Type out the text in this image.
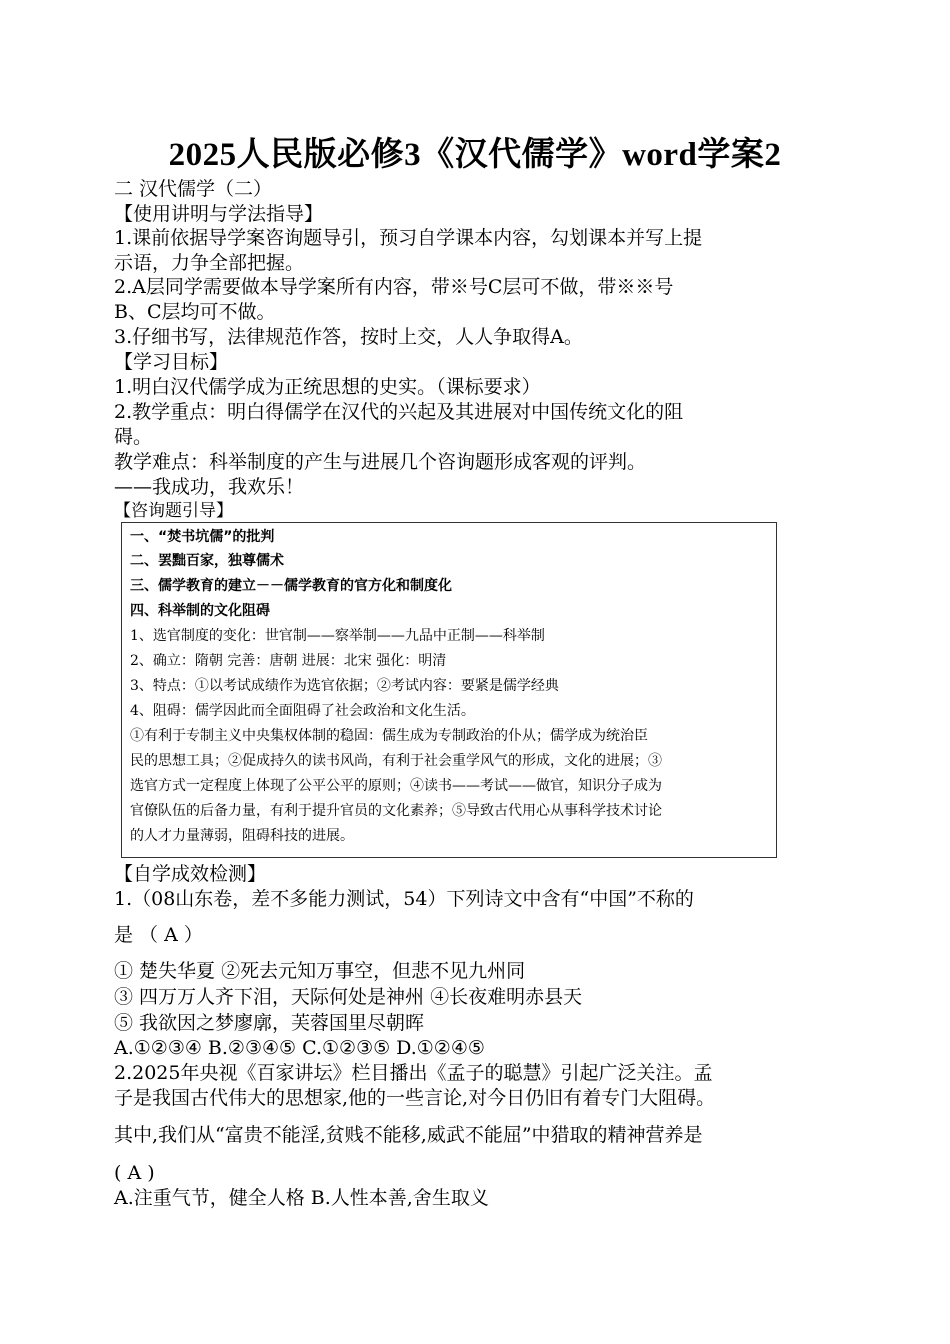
2025人民版必修3《汉代儒学》word学案2
二 汉代儒学（二）
【使用讲明与学法指导】
1.课前依据导学案咨询题导引，预习自学课本内容，勾划课本并写上提
示语，力争全部把握。
2.A层同学需要做本导学案所有内容，带※号C层可不做，带※※号
B、C层均可不做。
3.仔细书写，法律规范作答，按时上交，人人争取得A。
【学习目标】
1.明白汉代儒学成为正统思想的史实。（课标要求）
2.教学重点：明白得儒学在汉代的兴起及其进展对中国传统文化的阻
碍。
教学难点：科举制度的产生与进展几个咨询题形成客观的评判。
——我成功，我欢乐！
【咨询题引导】
一、“焚书坑儒”的批判
二、罢黜百家，独尊儒术
三、儒学教育的建立－－儒学教育的官方化和制度化
四、科举制的文化阻碍
1、选官制度的变化：世官制——察举制——九品中正制——科举制
2、确立：隋朝 完善：唐朝 进展：北宋 强化：明清
3、特点：①以考试成绩作为选官依据；②考试内容：要紧是儒学经典
4、阻碍：儒学因此而全面阻碍了社会政治和文化生活。
①有利于专制主义中央集权体制的稳固：儒生成为专制政治的仆从；儒学成为统治臣
民的思想工具；②促成持久的读书风尚，有利于社会重学风气的形成，文化的进展；③
选官方式一定程度上体现了公平公平的原则；④读书——考试——做官，知识分子成为
官僚队伍的后备力量，有利于提升官员的文化素养；⑤导致古代用心从事科学技术讨论
的人才力量薄弱，阻碍科技的进展。
【自学成效检测】
1.（08山东卷，差不多能力测试，54）下列诗文中含有“中国”不称的
是 （ A ）
① 楚失华夏 ②死去元知万事空，但悲不见九州同
③ 四万万人齐下泪，天际何处是神州 ④长夜难明赤县天
⑤ 我欲因之梦廖廓，芙蓉国里尽朝晖
A.①②③④ B.②③④⑤ C.①②③⑤ D.①②④⑤
2.2025年央视《百家讲坛》栏目播出《孟子的聪慧》引起广泛关注。孟
子是我国古代伟大的思想家,他的一些言论,对今日仍旧有着专门大阻碍。
其中,我们从“富贵不能淫,贫贱不能移,威武不能屈”中猎取的精神营养是
( A )
A.注重气节，健全人格 B.人性本善,舍生取义
